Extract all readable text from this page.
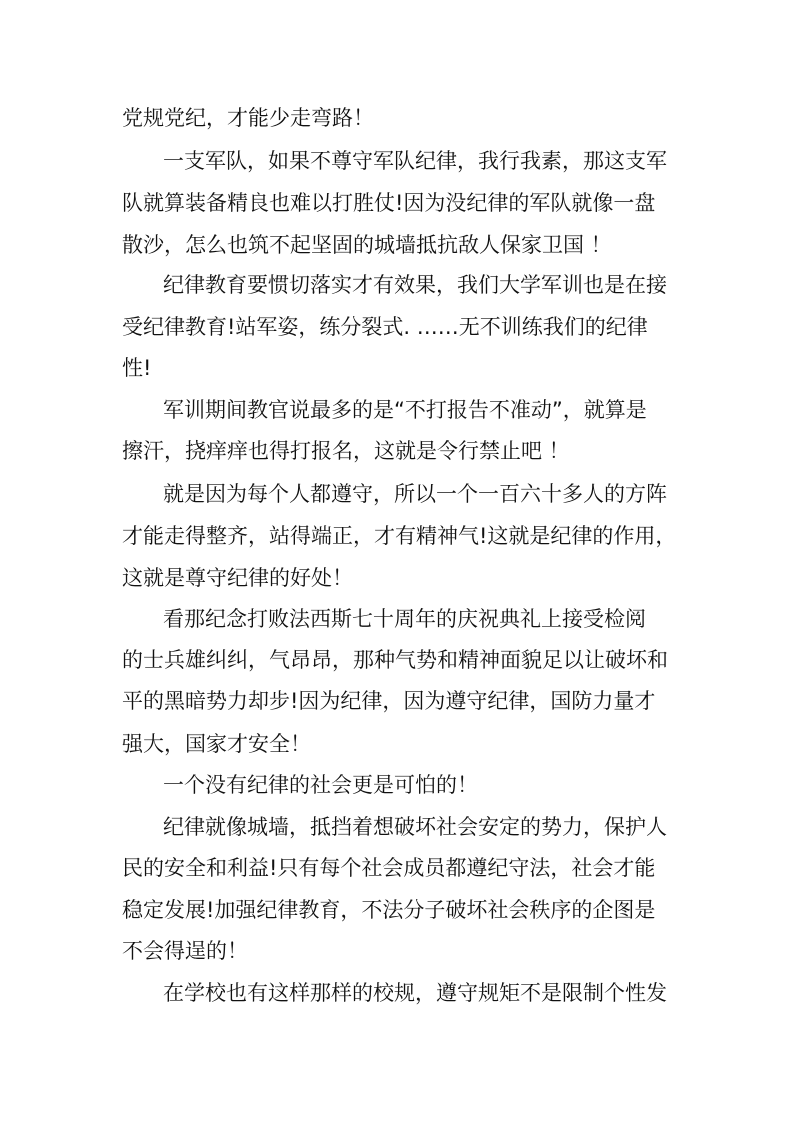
党规党纪，才能少走弯路！
一支军队，如果不尊守军队纪律，我行我素，那这支军
队就算装备精良也难以打胜仗!因为没纪律的军队就像一盘
散沙，怎么也筑不起坚固的城墙抵抗敌人保家卫国 ！
纪律教育要惯切落实才有效果，我们大学军训也是在接
受纪律教育!站军姿，练分裂式. ……无不训练我们的纪律
性!
军训期间教官说最多的是“不打报告不准动”，就算是
擦汗，挠痒痒也得打报名，这就是令行禁止吧 ！
就是因为每个人都遵守，所以一个一百六十多人的方阵
才能走得整齐，站得端正，才有精神气!这就是纪律的作用，
这就是尊守纪律的好处！
看那纪念打败法西斯七十周年的庆祝典礼上接受检阅
的士兵雄纠纠，气昂昂，那种气势和精神面貌足以让破坏和
平的黑暗势力却步!因为纪律，因为遵守纪律，国防力量才
强大，国家才安全！
一个没有纪律的社会更是可怕的！
纪律就像城墙，抵挡着想破坏社会安定的势力，保护人
民的安全和利益!只有每个社会成员都遵纪守法，社会才能
稳定发展!加强纪律教育，不法分子破坏社会秩序的企图是
不会得逞的！
在学校也有这样那样的校规，遵守规矩不是限制个性发
